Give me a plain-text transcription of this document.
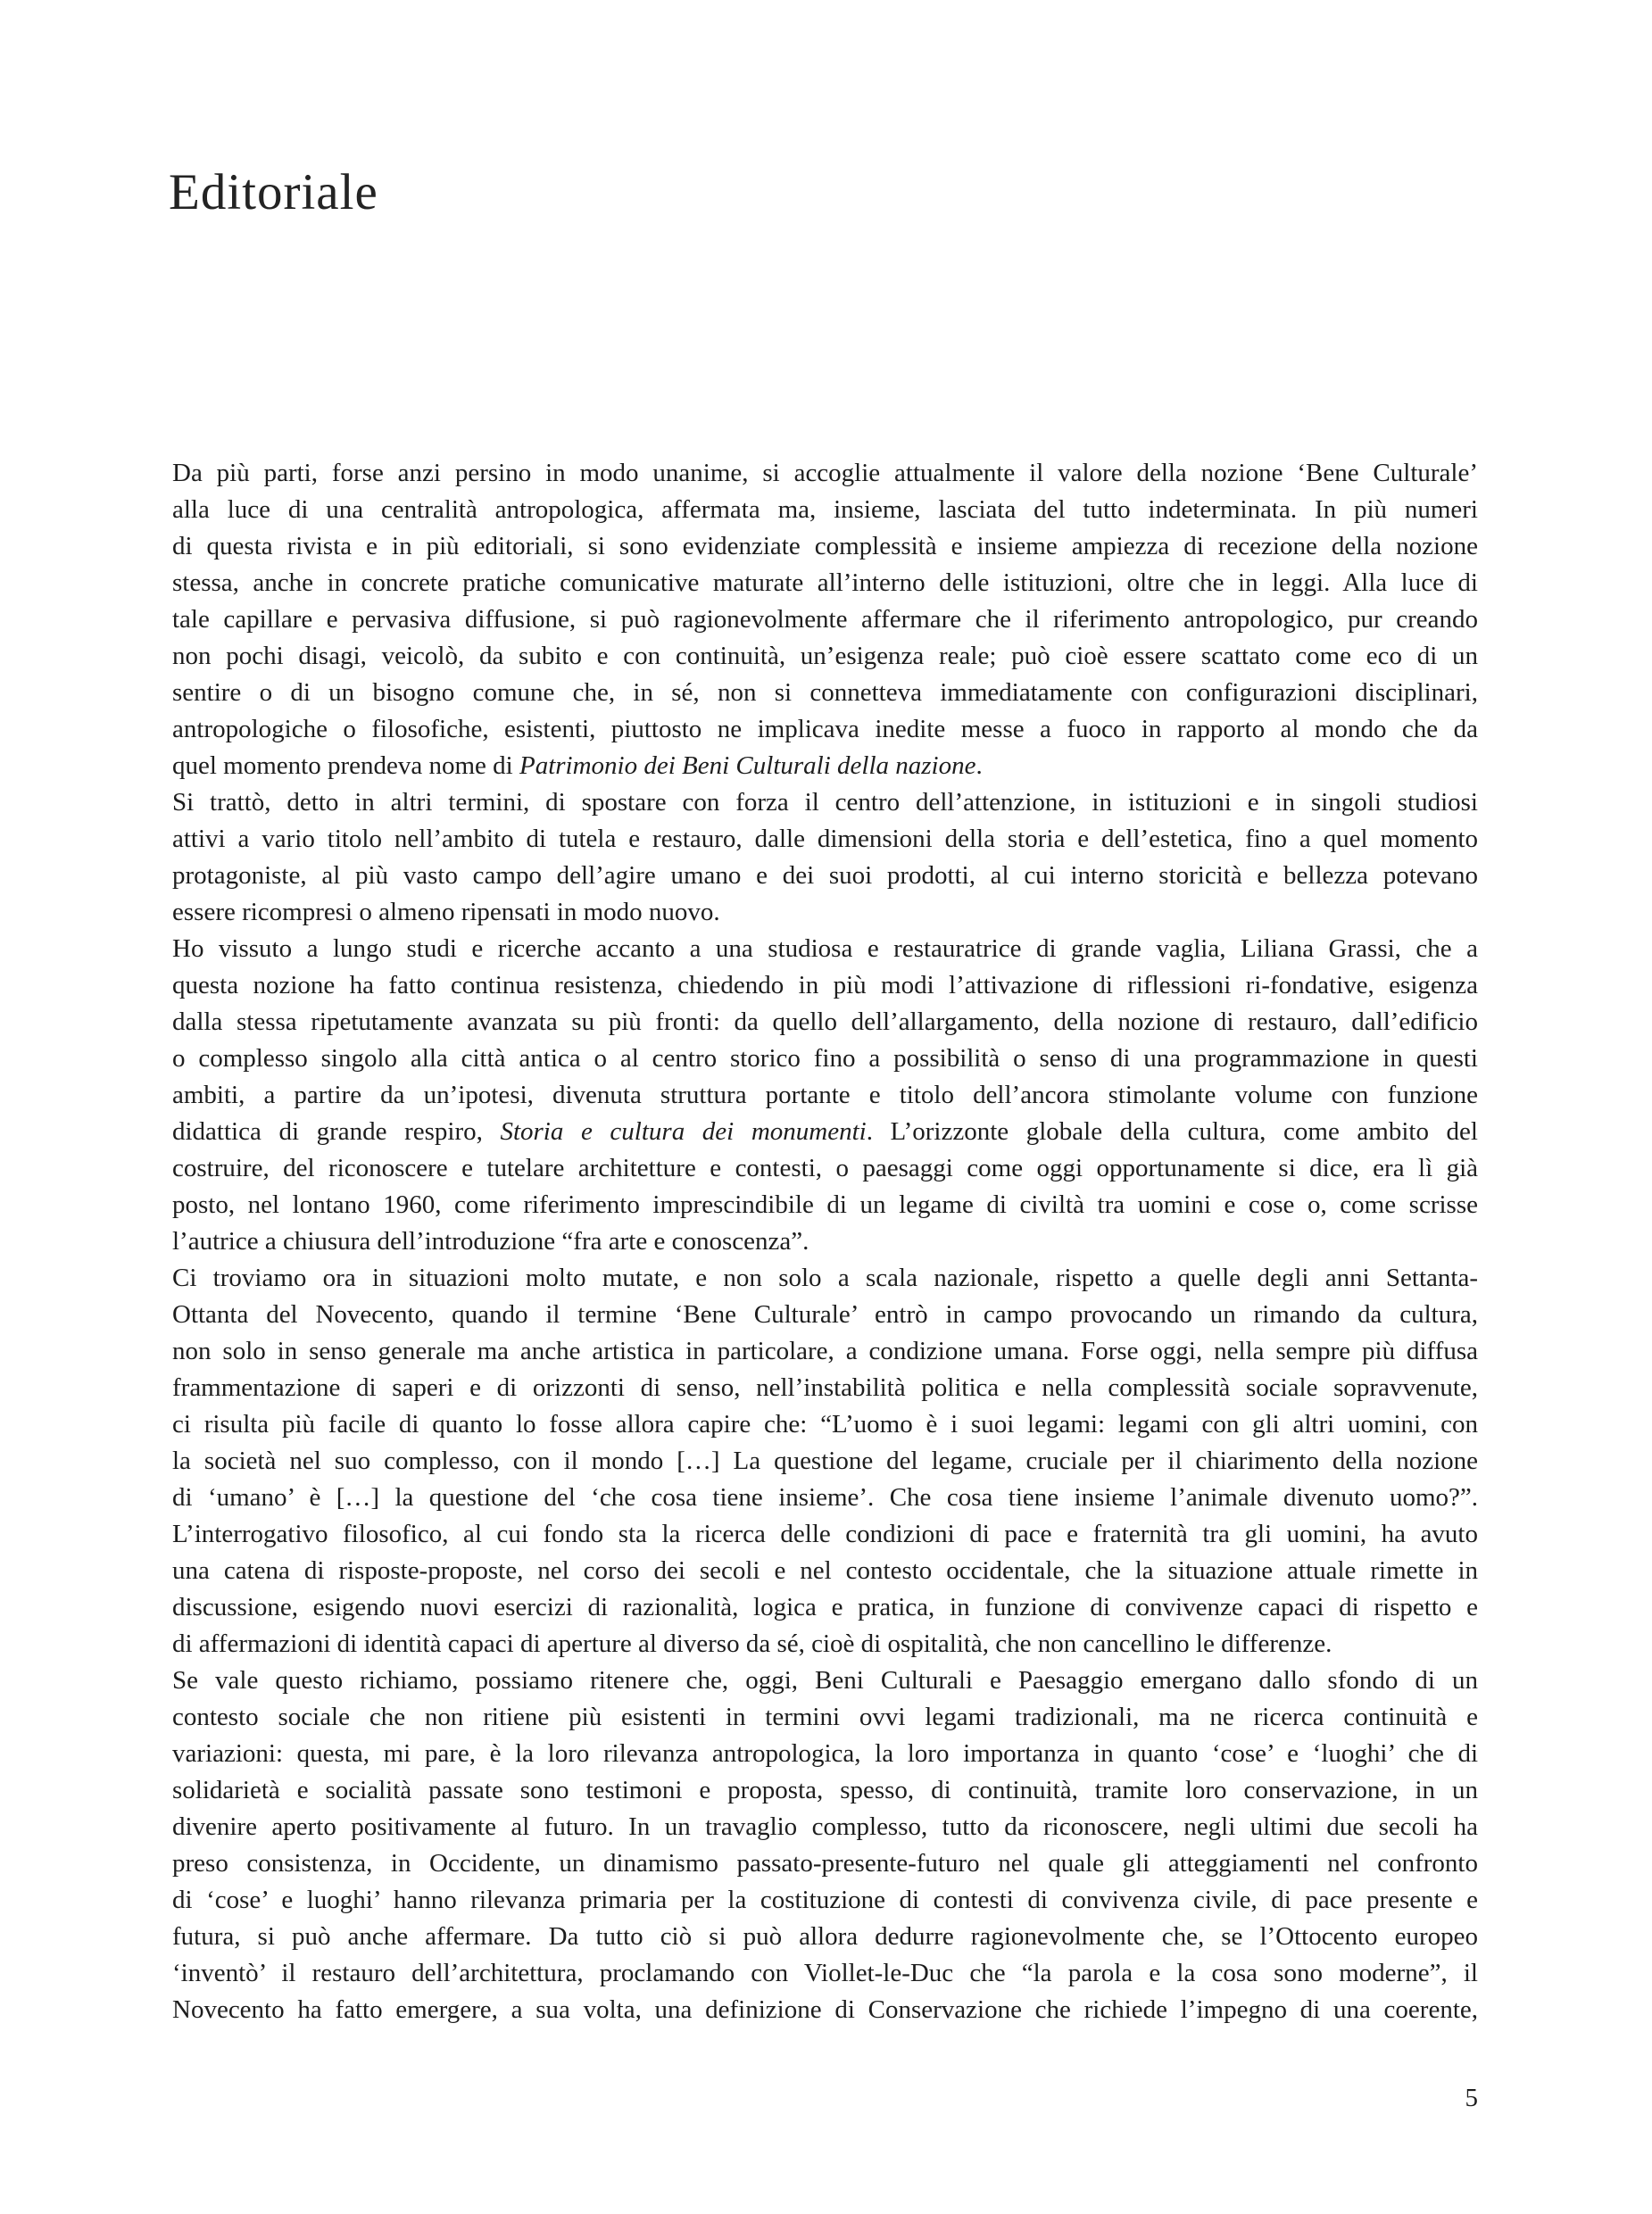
Editoriale
Da più parti, forse anzi persino in modo unanime, si accoglie attualmente il valore della nozione ‘Bene Culturale’
alla luce di una centralità antropologica, affermata ma, insieme, lasciata del tutto indeterminata. In più numeri
di questa rivista e in più editoriali, si sono evidenziate complessità e insieme ampiezza di recezione della nozione
stessa, anche in concrete pratiche comunicative maturate all’interno delle istituzioni, oltre che in leggi. Alla luce di
tale capillare e pervasiva diffusione, si può ragionevolmente affermare che il riferimento antropologico, pur creando
non pochi disagi, veicolò, da subito e con continuità, un’esigenza reale; può cioè essere scattato come eco di un
sentire o di un bisogno comune che, in sé, non si connetteva immediatamente con configurazioni disciplinari,
antropologiche o filosofiche, esistenti, piuttosto ne implicava inedite messe a fuoco in rapporto al mondo che da
quel momento prendeva nome di Patrimonio dei Beni Culturali della nazione.
Si trattò, detto in altri termini, di spostare con forza il centro dell’attenzione, in istituzioni e in singoli studiosi
attivi a vario titolo nell’ambito di tutela e restauro, dalle dimensioni della storia e dell’estetica, fino a quel momento
protagoniste, al più vasto campo dell’agire umano e dei suoi prodotti, al cui interno storicità e bellezza potevano
essere ricompresi o almeno ripensati in modo nuovo.
Ho vissuto a lungo studi e ricerche accanto a una studiosa e restauratrice di grande vaglia, Liliana Grassi, che a
questa nozione ha fatto continua resistenza, chiedendo in più modi l’attivazione di riflessioni ri-fondative, esigenza
dalla stessa ripetutamente avanzata su più fronti: da quello dell’allargamento, della nozione di restauro, dall’edificio
o complesso singolo alla città antica o al centro storico fino a possibilità o senso di una programmazione in questi
ambiti, a partire da un’ipotesi, divenuta struttura portante e titolo dell’ancora stimolante volume con funzione
didattica di grande respiro, Storia e cultura dei monumenti. L’orizzonte globale della cultura, come ambito del
costruire, del riconoscere e tutelare architetture e contesti, o paesaggi come oggi opportunamente si dice, era lì già
posto, nel lontano 1960, come riferimento imprescindibile di un legame di civiltà tra uomini e cose o, come scrisse
l’autrice a chiusura dell’introduzione “fra arte e conoscenza”.
Ci troviamo ora in situazioni molto mutate, e non solo a scala nazionale, rispetto a quelle degli anni Settanta-
Ottanta del Novecento, quando il termine ‘Bene Culturale’ entrò in campo provocando un rimando da cultura,
non solo in senso generale ma anche artistica in particolare, a condizione umana. Forse oggi, nella sempre più diffusa
frammentazione di saperi e di orizzonti di senso, nell’instabilità politica e nella complessità sociale sopravvenute,
ci risulta più facile di quanto lo fosse allora capire che: “L’uomo è i suoi legami: legami con gli altri uomini, con
la società nel suo complesso, con il mondo […] La questione del legame, cruciale per il chiarimento della nozione
di ‘umano’ è […] la questione del ‘che cosa tiene insieme’. Che cosa tiene insieme l’animale divenuto uomo?”.
L’interrogativo filosofico, al cui fondo sta la ricerca delle condizioni di pace e fraternità tra gli uomini, ha avuto
una catena di risposte-proposte, nel corso dei secoli e nel contesto occidentale, che la situazione attuale rimette in
discussione, esigendo nuovi esercizi di razionalità, logica e pratica, in funzione di convivenze capaci di rispetto e
di affermazioni di identità capaci di aperture al diverso da sé, cioè di ospitalità, che non cancellino le differenze.
Se vale questo richiamo, possiamo ritenere che, oggi, Beni Culturali e Paesaggio emergano dallo sfondo di un
contesto sociale che non ritiene più esistenti in termini ovvi legami tradizionali, ma ne ricerca continuità e
variazioni: questa, mi pare, è la loro rilevanza antropologica, la loro importanza in quanto ‘cose’ e ‘luoghi’ che di
solidarietà e socialità passate sono testimoni e proposta, spesso, di continuità, tramite loro conservazione, in un
divenire aperto positivamente al futuro. In un travaglio complesso, tutto da riconoscere, negli ultimi due secoli ha
preso consistenza, in Occidente, un dinamismo passato-presente-futuro nel quale gli atteggiamenti nel confronto
di ‘cose’ e luoghi’ hanno rilevanza primaria per la costituzione di contesti di convivenza civile, di pace presente e
futura, si può anche affermare. Da tutto ciò si può allora dedurre ragionevolmente che, se l’Ottocento europeo
‘inventò’ il restauro dell’architettura, proclamando con Viollet-le-Duc che “la parola e la cosa sono moderne”, il
Novecento ha fatto emergere, a sua volta, una definizione di Conservazione che richiede l’impegno di una coerente,
5
